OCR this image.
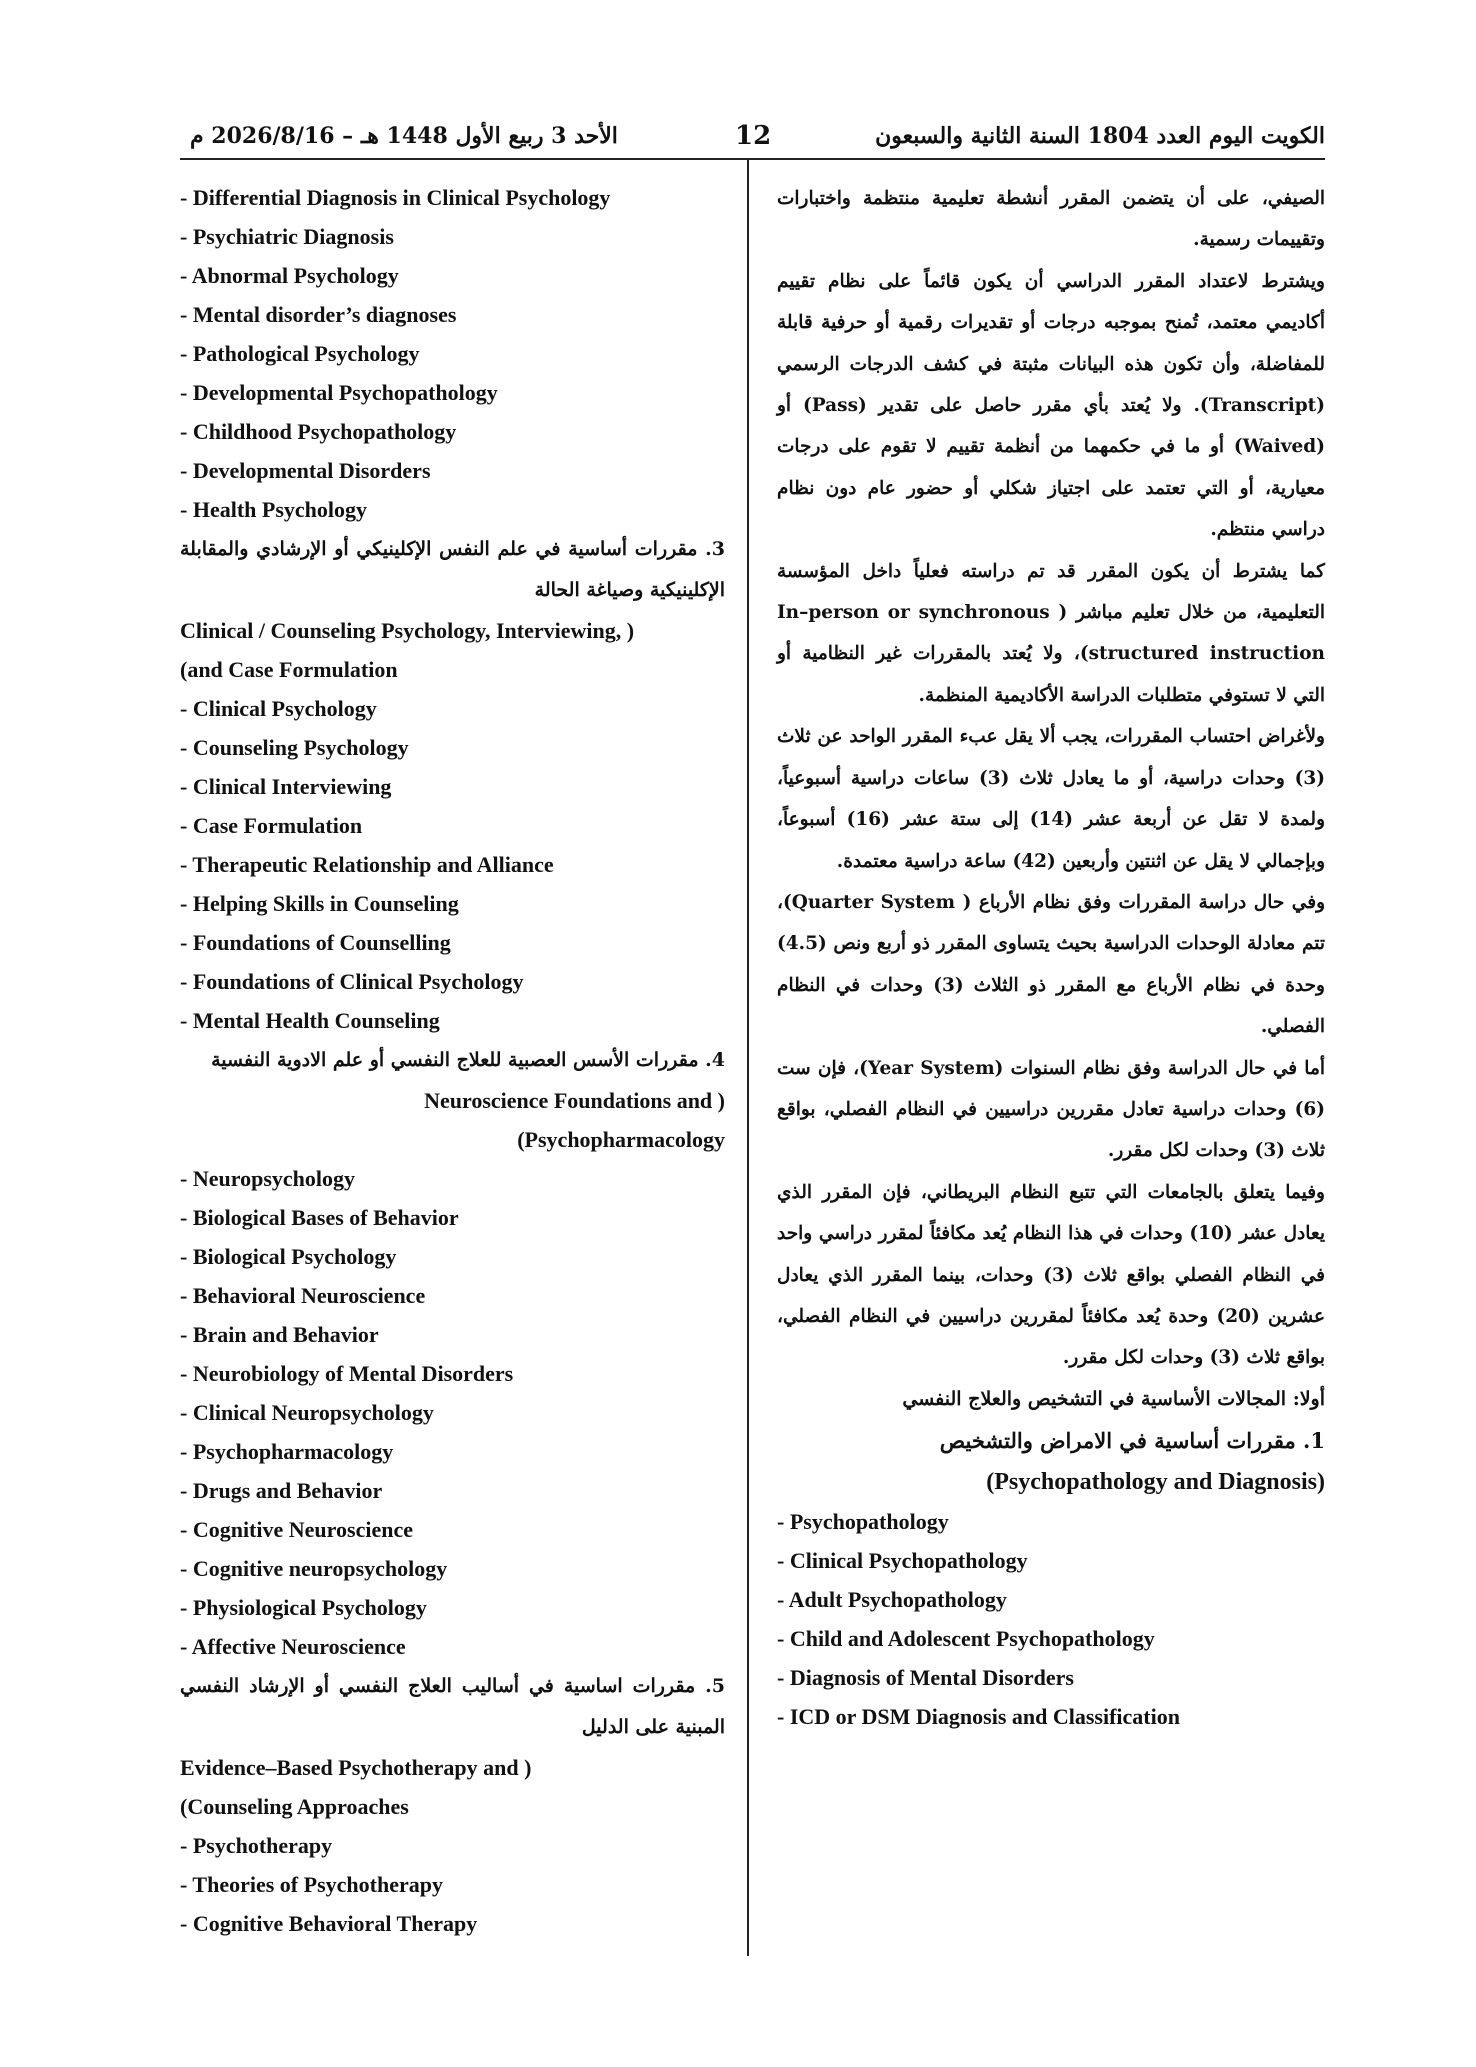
الأحد 3 ربيع الأول 1448 هـ – 2026/8/16 م	12	الكويت اليوم العدد 1804 السنة الثانية والسبعون
- Differential Diagnosis in Clinical Psychology
- Psychiatric Diagnosis
- Abnormal Psychology
- Mental disorder’s diagnoses
- Pathological Psychology
- Developmental Psychopathology
- Childhood Psychopathology
- Developmental Disorders
- Health Psychology

3. مقررات أساسية في علم النفس الإكلينيكي أو الإرشادي والمقابلة الإكلينيكية وصياغة الحالة

Clinical / Counseling Psychology, Interviewing, )
(and Case Formulation
- Clinical Psychology
- Counseling Psychology
- Clinical Interviewing
- Case Formulation
- Therapeutic Relationship and Alliance
- Helping Skills in Counseling
- Foundations of Counselling
- Foundations of Clinical Psychology
- Mental Health Counseling

4. مقررات الأسس العصبية للعلاج النفسي أو علم الادوية النفسية

Neuroscience Foundations and )
(Psychopharmacology
- Neuropsychology
- Biological Bases of Behavior
- Biological Psychology
- Behavioral Neuroscience
- Brain and Behavior
- Neurobiology of Mental Disorders
- Clinical Neuropsychology
- Psychopharmacology
- Drugs and Behavior
- Cognitive Neuroscience
- Cognitive neuropsychology
- Physiological Psychology
- Affective Neuroscience

5. مقررات اساسية في أساليب العلاج النفسي أو الإرشاد النفسي المبنية على الدليل

Evidence–Based Psychotherapy and )
(Counseling Approaches
- Psychotherapy
- Theories of Psychotherapy
- Cognitive Behavioral Therapy

الصيفي، على أن يتضمن المقرر أنشطة تعليمية منتظمة واختبارات وتقييمات رسمية.

ويشترط لاعتداد المقرر الدراسي أن يكون قائماً على نظام تقييم أكاديمي معتمد، تُمنح بموجبه درجات أو تقديرات رقمية أو حرفية قابلة للمفاضلة، وأن تكون هذه البيانات مثبتة في كشف الدرجات الرسمي (Transcript). ولا يُعتد بأي مقرر حاصل على تقدير (Pass) أو (Waived) أو ما في حكمهما من أنظمة تقييم لا تقوم على درجات معيارية، أو التي تعتمد على اجتياز شكلي أو حضور عام دون نظام دراسي منتظم.

كما يشترط أن يكون المقرر قد تم دراسته فعلياً داخل المؤسسة التعليمية، من خلال تعليم مباشر ( In–person or synchronous structured instruction)، ولا يُعتد بالمقررات غير النظامية أو التي لا تستوفي متطلبات الدراسة الأكاديمية المنظمة.

ولأغراض احتساب المقررات، يجب ألا يقل عبء المقرر الواحد عن ثلاث (3) وحدات دراسية، أو ما يعادل ثلاث (3) ساعات دراسية أسبوعياً، ولمدة لا تقل عن أربعة عشر (14) إلى ستة عشر (16) أسبوعاً، وبإجمالي لا يقل عن اثنتين وأربعين (42) ساعة دراسية معتمدة.

وفي حال دراسة المقررات وفق نظام الأرباع ( Quarter System)، تتم معادلة الوحدات الدراسية بحيث يتساوى المقرر ذو أربع ونص (4.5) وحدة في نظام الأرباع مع المقرر ذو الثلاث (3) وحدات في النظام الفصلي.

أما في حال الدراسة وفق نظام السنوات (Year System)، فإن ست (6) وحدات دراسية تعادل مقررين دراسيين في النظام الفصلي، بواقع ثلاث (3) وحدات لكل مقرر.

وفيما يتعلق بالجامعات التي تتبع النظام البريطاني، فإن المقرر الذي يعادل عشر (10) وحدات في هذا النظام يُعد مكافئاً لمقرر دراسي واحد في النظام الفصلي بواقع ثلاث (3) وحدات، بينما المقرر الذي يعادل عشرين (20) وحدة يُعد مكافئاً لمقررين دراسيين في النظام الفصلي، بواقع ثلاث (3) وحدات لكل مقرر.

أولا: المجالات الأساسية في التشخيص والعلاج النفسي

1. مقررات أساسية في الامراض والتشخيص

(Psychopathology and Diagnosis)
- Psychopathology
- Clinical Psychopathology
- Adult Psychopathology
- Child and Adolescent Psychopathology
- Diagnosis of Mental Disorders
- ICD or DSM Diagnosis and Classification
